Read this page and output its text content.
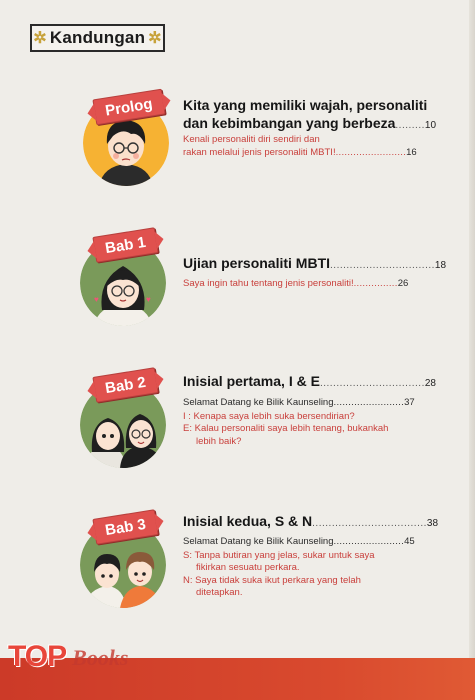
✲ Kandungan ✲
Prolog	Kita yang memiliki wajah, personaliti
dan kebimbangan yang berbeza.........10
Kenali personaliti diri sendiri dan
rakan melalui jenis personaliti MBTI!........................16
♥	♥
Bab 1
Ujian personaliti MBTI................................18
Saya ingin tahu tentang jenis personaliti!...............26
Bab 2	Inisial pertama, I & E................................28
Selamat Datang ke Bilik Kaunseling........................37
I : Kenapa saya lebih suka bersendirian?
E: Kalau personaliti saya lebih tenang, bukankah
lebih baik?
Bab 3	Inisial kedua, S & N...................................38
Selamat Datang ke Bilik Kaunseling........................45
S: Tanpa butiran yang jelas, sukar untuk saya
fikirkan sesuatu perkara.
N: Saya tidak suka ikut perkara yang telah
ditetapkan.
TOP Books
